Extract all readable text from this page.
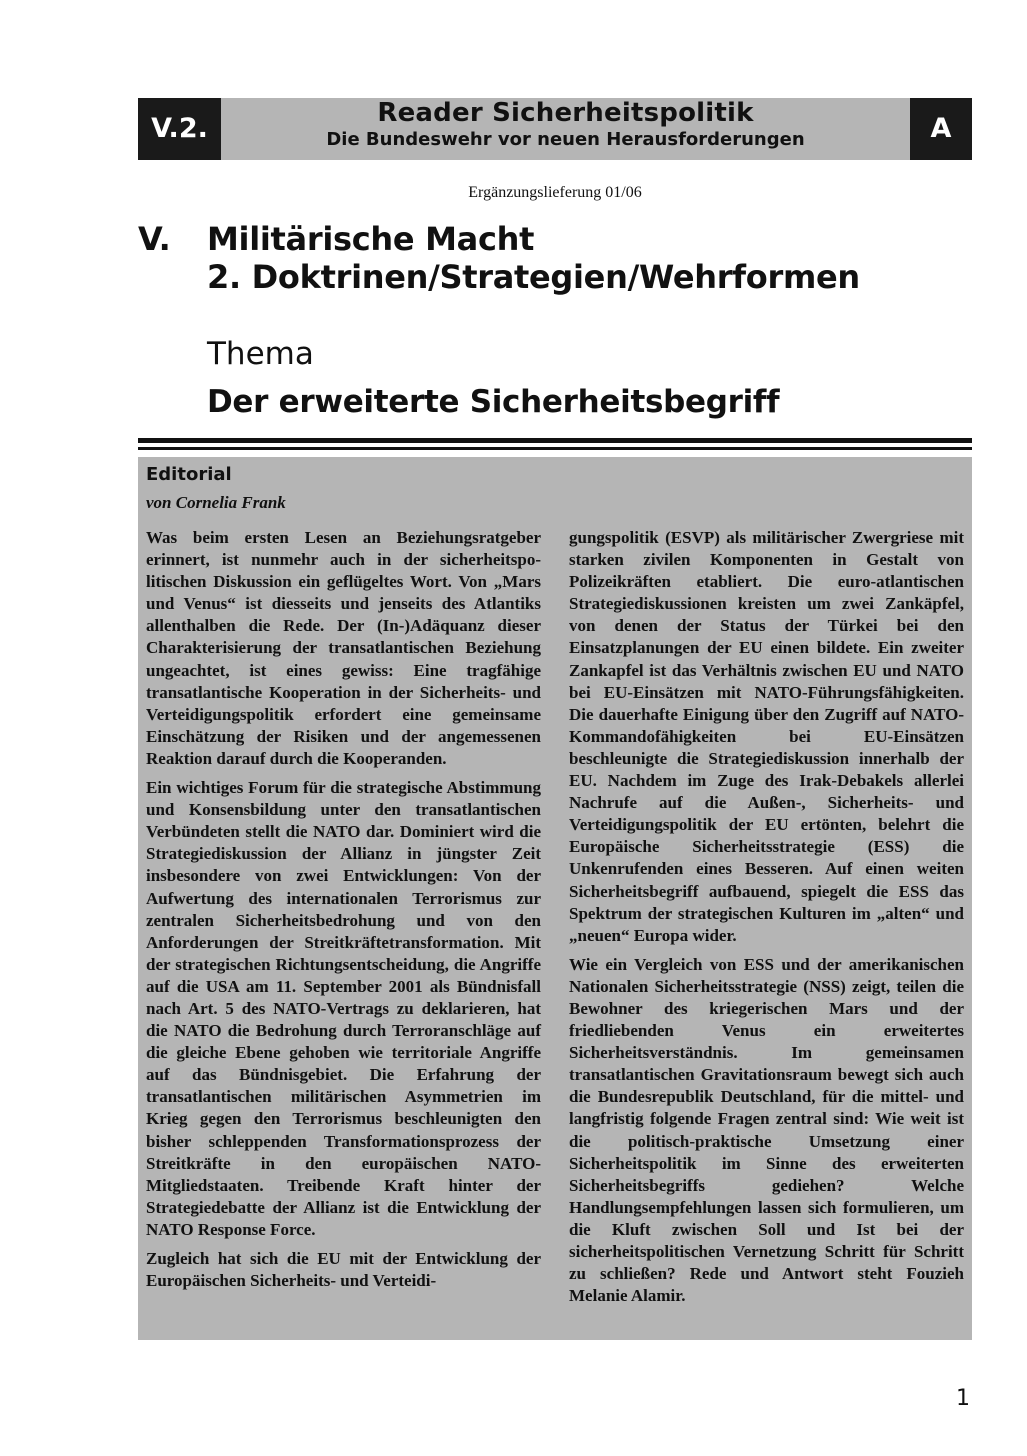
V.2.	Reader Sicherheitspolitik
Die Bundeswehr vor neuen Herausforderungen	A
Ergänzungslieferung 01/06
V. Militärische Macht
2. Doktrinen/Strategien/Wehrformen
Thema
Der erweiterte Sicherheitsbegriff
Editorial
von Cornelia Frank

Was beim ersten Lesen an Beziehungsratgeber erinnert, ist nunmehr auch in der sicherheitspolitischen Diskussion ein geflügeltes Wort. Von „Mars und Venus“ ist diesseits und jenseits des Atlantiks allenthalben die Rede. Der (In-)Adäquanz dieser Charakterisierung der transatlantischen Beziehung ungeachtet, ist eines gewiss: Eine tragfähige transatlantische Kooperation in der Sicherheits- und Verteidigungspolitik erfordert eine gemeinsame Einschätzung der Risiken und der angemessenen Reaktion darauf durch die Kooperanden.

Ein wichtiges Forum für die strategische Abstimmung und Konsensbildung unter den transatlantischen Verbündeten stellt die NATO dar. Dominiert wird die Strategiediskussion der Allianz in jüngster Zeit insbesondere von zwei Entwicklungen: Von der Aufwertung des internationalen Terrorismus zur zentralen Sicherheitsbedrohung und von den Anforderungen der Streitkräftetransformation. Mit der strategischen Richtungsentscheidung, die Angriffe auf die USA am 11. September 2001 als Bündnisfall nach Art. 5 des NATO-Vertrags zu deklarieren, hat die NATO die Bedrohung durch Terroranschläge auf die gleiche Ebene gehoben wie territoriale Angriffe auf das Bündnisgebiet. Die Erfahrung der transatlantischen militärischen Asymmetrien im Krieg gegen den Terrorismus beschleunigten den bisher schleppenden Transformationsprozess der Streitkräfte in den europäischen NATO-Mitgliedstaaten. Treibende Kraft hinter der Strategiedebatte der Allianz ist die Entwicklung der NATO Response Force.

Zugleich hat sich die EU mit der Entwicklung der Europäischen Sicherheits- und Verteidi-

gungspolitik (ESVP) als militärischer Zwergriese mit starken zivilen Komponenten in Gestalt von Polizeikräften etabliert. Die euro-atlantischen Strategiediskussionen kreisten um zwei Zankäpfel, von denen der Status der Türkei bei den Einsatzplanungen der EU einen bildete. Ein zweiter Zankapfel ist das Verhältnis zwischen EU und NATO bei EU-Einsätzen mit NATO-Führungsfähigkeiten. Die dauerhafte Einigung über den Zugriff auf NATO-Kommandofähigkeiten bei EU-Einsätzen beschleunigte die Strategiediskussion innerhalb der EU. Nachdem im Zuge des Irak-Debakels allerlei Nachrufe auf die Außen-, Sicherheits- und Verteidigungspolitik der EU ertönten, belehrt die Europäische Sicherheitsstrategie (ESS) die Unkenrufenden eines Besseren. Auf einen weiten Sicherheitsbegriff aufbauend, spiegelt die ESS das Spektrum der strategischen Kulturen im „alten“ und „neuen“ Europa wider.

Wie ein Vergleich von ESS und der amerikanischen Nationalen Sicherheitsstrategie (NSS) zeigt, teilen die Bewohner des kriegerischen Mars und der friedliebenden Venus ein erweitertes Sicherheitsverständnis. Im gemeinsamen transatlantischen Gravitationsraum bewegt sich auch die Bundesrepublik Deutschland, für die mittel- und langfristig folgende Fragen zentral sind: Wie weit ist die politisch-praktische Umsetzung einer Sicherheitspolitik im Sinne des erweiterten Sicherheitsbegriffs gediehen? Welche Handlungsempfehlungen lassen sich formulieren, um die Kluft zwischen Soll und Ist bei der sicherheitspolitischen Vernetzung Schritt für Schritt zu schließen? Rede und Antwort steht Fouzieh Melanie Alamir.

1
